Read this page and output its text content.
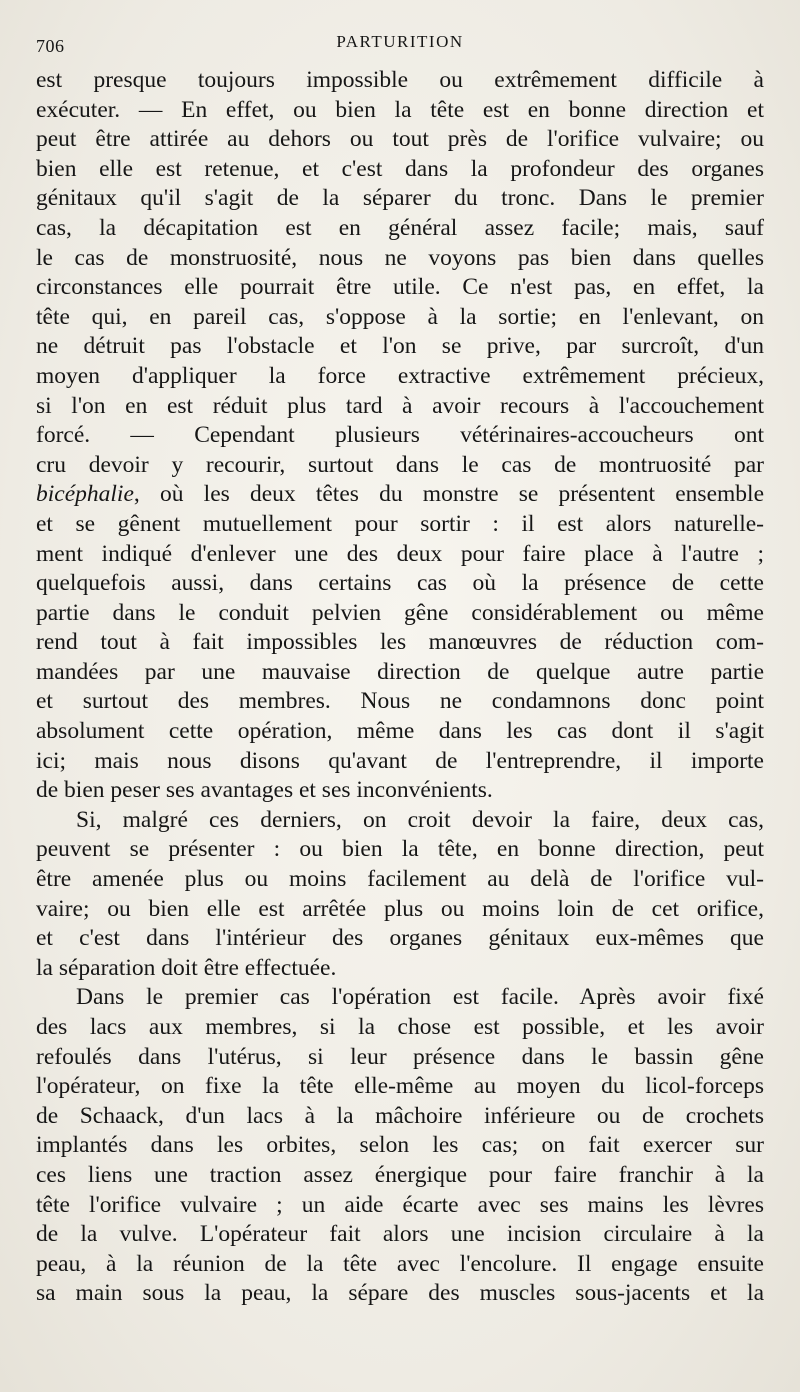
706	PARTURITION
est presque toujours impossible ou extrêmement difficile à
exécuter. — En effet, ou bien la tête est en bonne direction et
peut être attirée au dehors ou tout près de l'orifice vulvaire; ou
bien elle est retenue, et c'est dans la profondeur des organes
génitaux qu'il s'agit de la séparer du tronc. Dans le premier
cas, la décapitation est en général assez facile; mais, sauf
le cas de monstruosité, nous ne voyons pas bien dans quelles
circonstances elle pourrait être utile. Ce n'est pas, en effet, la
tête qui, en pareil cas, s'oppose à la sortie; en l'enlevant, on
ne détruit pas l'obstacle et l'on se prive, par surcroît, d'un
moyen d'appliquer la force extractive extrêmement précieux,
si l'on en est réduit plus tard à avoir recours à l'accouchement
forcé. — Cependant plusieurs vétérinaires-accoucheurs ont
cru devoir y recourir, surtout dans le cas de montruosité par
bicéphalie, où les deux têtes du monstre se présentent ensemble
et se gênent mutuellement pour sortir : il est alors naturelle-
ment indiqué d'enlever une des deux pour faire place à l'autre ;
quelquefois aussi, dans certains cas où la présence de cette
partie dans le conduit pelvien gêne considérablement ou même
rend tout à fait impossibles les manœuvres de réduction com-
mandées par une mauvaise direction de quelque autre partie
et surtout des membres. Nous ne condamnons donc point
absolument cette opération, même dans les cas dont il s'agit
ici; mais nous disons qu'avant de l'entreprendre, il importe
de bien peser ses avantages et ses inconvénients.
Si, malgré ces derniers, on croit devoir la faire, deux cas,
peuvent se présenter : ou bien la tête, en bonne direction, peut
être amenée plus ou moins facilement au delà de l'orifice vul-
vaire; ou bien elle est arrêtée plus ou moins loin de cet orifice,
et c'est dans l'intérieur des organes génitaux eux-mêmes que
la séparation doit être effectuée.
Dans le premier cas l'opération est facile. Après avoir fixé
des lacs aux membres, si la chose est possible, et les avoir
refoulés dans l'utérus, si leur présence dans le bassin gêne
l'opérateur, on fixe la tête elle-même au moyen du licol-forceps
de Schaack, d'un lacs à la mâchoire inférieure ou de crochets
implantés dans les orbites, selon les cas; on fait exercer sur
ces liens une traction assez énergique pour faire franchir à la
tête l'orifice vulvaire ; un aide écarte avec ses mains les lèvres
de la vulve. L'opérateur fait alors une incision circulaire à la
peau, à la réunion de la tête avec l'encolure. Il engage ensuite
sa main sous la peau, la sépare des muscles sous-jacents et la
